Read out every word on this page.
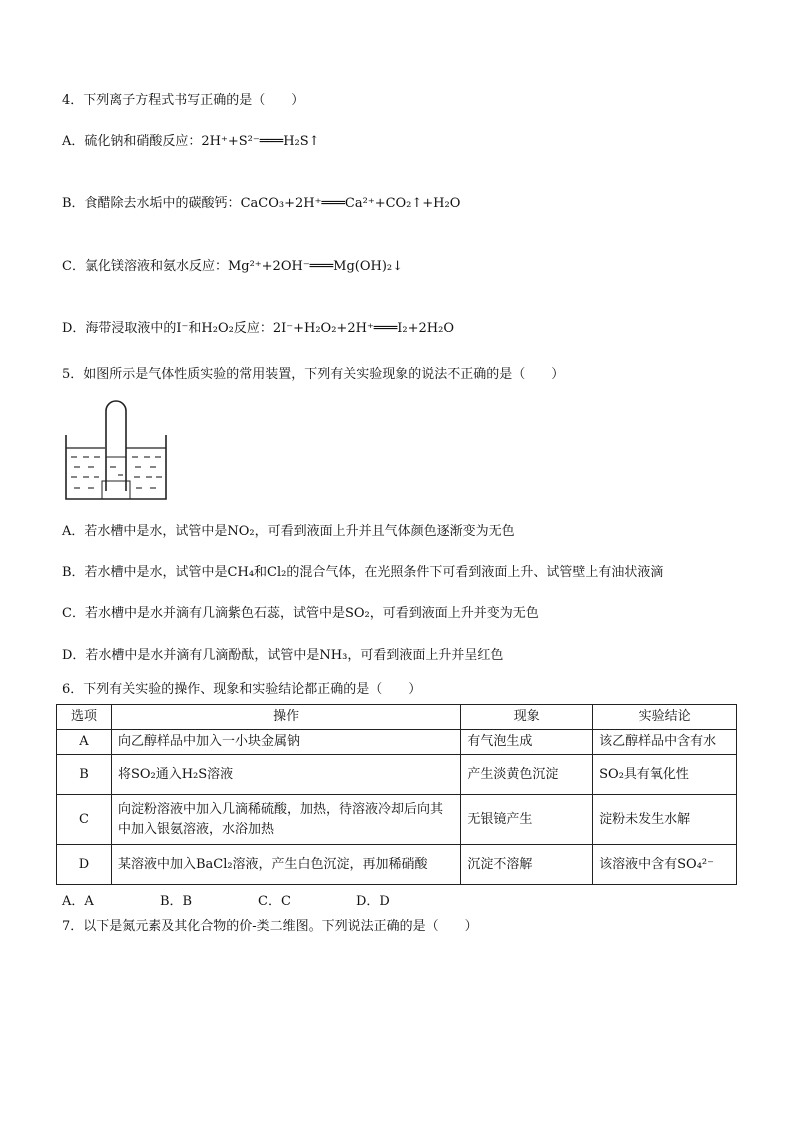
4．下列离子方程式书写正确的是（　　）
A．硫化钠和硝酸反应：2H⁺+S²⁻═══H₂S↑
B．食醋除去水垢中的碳酸钙：CaCO₃+2H⁺═══Ca²⁺+CO₂↑+H₂O
C．氯化镁溶液和氨水反应：Mg²⁺+2OH⁻═══Mg(OH)₂↓
D．海带浸取液中的I⁻和H₂O₂反应：2I⁻+H₂O₂+2H⁺═══I₂+2H₂O
5．如图所示是气体性质实验的常用装置，下列有关实验现象的说法不正确的是（　　）
A．若水槽中是水，试管中是NO₂，可看到液面上升并且气体颜色逐渐变为无色
B．若水槽中是水，试管中是CH₄和Cl₂的混合气体，在光照条件下可看到液面上升、试管壁上有油状液滴
C．若水槽中是水并滴有几滴紫色石蕊，试管中是SO₂，可看到液面上升并变为无色
D．若水槽中是水并滴有几滴酚酞，试管中是NH₃，可看到液面上升并呈红色
6．下列有关实验的操作、现象和实验结论都正确的是（　　）
选项	操作	现象	实验结论
A	向乙醇样品中加入一小块金属钠	有气泡生成	该乙醇样品中含有水
B	将SO₂通入H₂S溶液	产生淡黄色沉淀	SO₂具有氧化性
C	向淀粉溶液中加入几滴稀硫酸，加热，待溶液冷却后向其中加入银氨溶液，水浴加热	无银镜产生	淀粉未发生水解
D	某溶液中加入BaCl₂溶液，产生白色沉淀，再加稀硝酸	沉淀不溶解	该溶液中含有SO₄²⁻
A．A	B．B	C．C	D．D
7．以下是氮元素及其化合物的价-类二维图。下列说法正确的是（　　）
